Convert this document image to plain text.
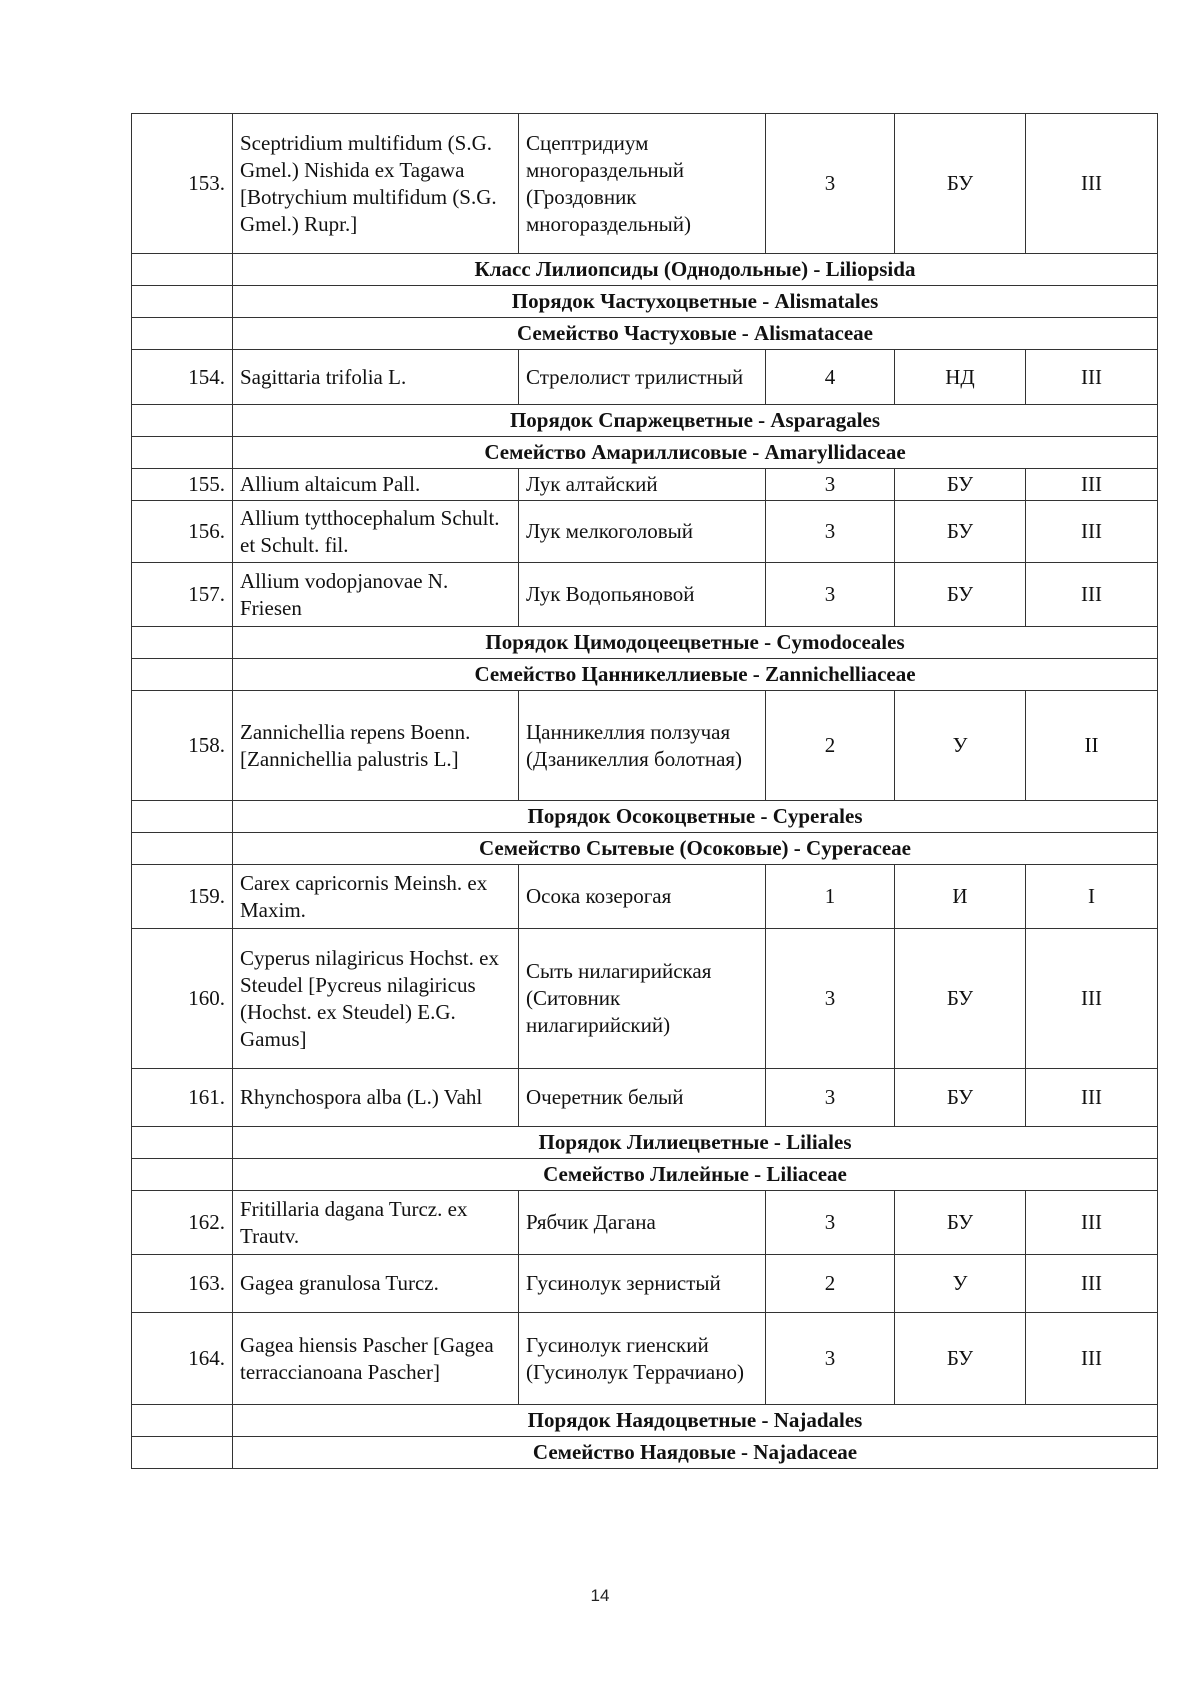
153.	Sceptridium multifidum (S.G. Gmel.) Nishida ex Tagawa [Botrychium multifidum (S.G. Gmel.) Rupr.]	Сцептридиум многораздельный (Гроздовник многораздельный)	3	БУ	III
	Класс Лилиопсиды (Однодольные) - Liliopsida				
	Порядок Частухоцветные - Alismatales				
	Семейство Частуховые - Alismataceae				
154.	Sagittaria trifolia L.	Стрелолист трилистный	4	НД	III
	Порядок Спаржецветные - Asparagales				
	Семейство Амариллисовые - Amaryllidaceae				
155.	Allium altaicum Pall.	Лук алтайский	3	БУ	III
156.	Allium tytthocephalum Schult. et Schult. fil.	Лук мелкоголовый	3	БУ	III
157.	Allium vodopjanovae N. Friesen	Лук Водопьяновой	3	БУ	III
	Порядок Цимодоцеецветные - Cymodoceales				
	Семейство Цанникеллиевые - Zannichelliaceae				
158.	Zannichellia repens Boenn. [Zannichellia palustris L.]	Цанникеллия ползучая (Дзаникеллия болотная)	2	У	II
	Порядок Осокоцветные - Cyperales				
	Семейство Сытевые (Осоковые) - Cyperaceae				
159.	Carex capricornis Meinsh. ex Maxim.	Осока козерогая	1	И	I
160.	Cyperus nilagiricus Hochst. ex Steudel [Pycreus nilagiricus (Hochst. ex Steudel) E.G. Gamus]	Сыть нилагирийская (Ситовник нилагирийский)	3	БУ	III
161.	Rhynchospora alba (L.) Vahl	Очеретник белый	3	БУ	III
	Порядок Лилиецветные - Liliales				
	Семейство Лилейные - Liliaceae				
162.	Fritillaria dagana Turcz. ex Trautv.	Рябчик Дагана	3	БУ	III
163.	Gagea granulosa Turcz.	Гусинолук зернистый	2	У	III
164.	Gagea hiensis Pascher [Gagea terraccianoana Pascher]	Гусинолук гиенский (Гусинолук Террачиано)	3	БУ	III
	Порядок Наядоцветные - Najadales				
	Семейство Наядовые - Najadaceae				
14
